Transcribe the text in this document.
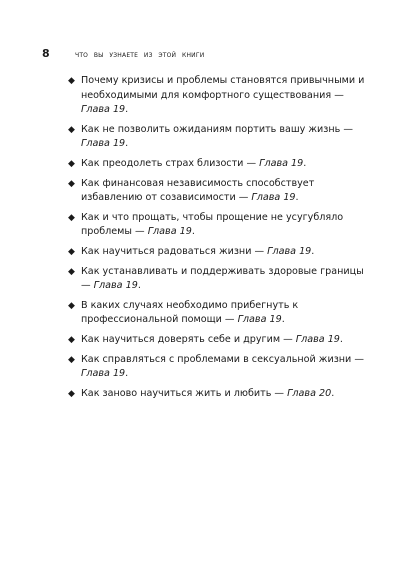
8	что вы узнаете из этой книги
◆ Почему кризисы и проблемы становятся привычными и необходимыми для комфортного существования — Глава 19.
◆ Как не позволить ожиданиям портить вашу жизнь — Глава 19.
◆ Как преодолеть страх близости — Глава 19.
◆ Как финансовая независимость способствует избавлению от созависимости — Глава 19.
◆ Как и что прощать, чтобы прощение не усугубляло проблемы — Глава 19.
◆ Как научиться радоваться жизни — Глава 19.
◆ Как устанавливать и поддерживать здоровые границы — Глава 19.
◆ В каких случаях необходимо прибегнуть к профессиональной помощи — Глава 19.
◆ Как научиться доверять себе и другим — Глава 19.
◆ Как справляться с проблемами в сексуальной жизни — Глава 19.
◆ Как заново научиться жить и любить — Глава 20.
